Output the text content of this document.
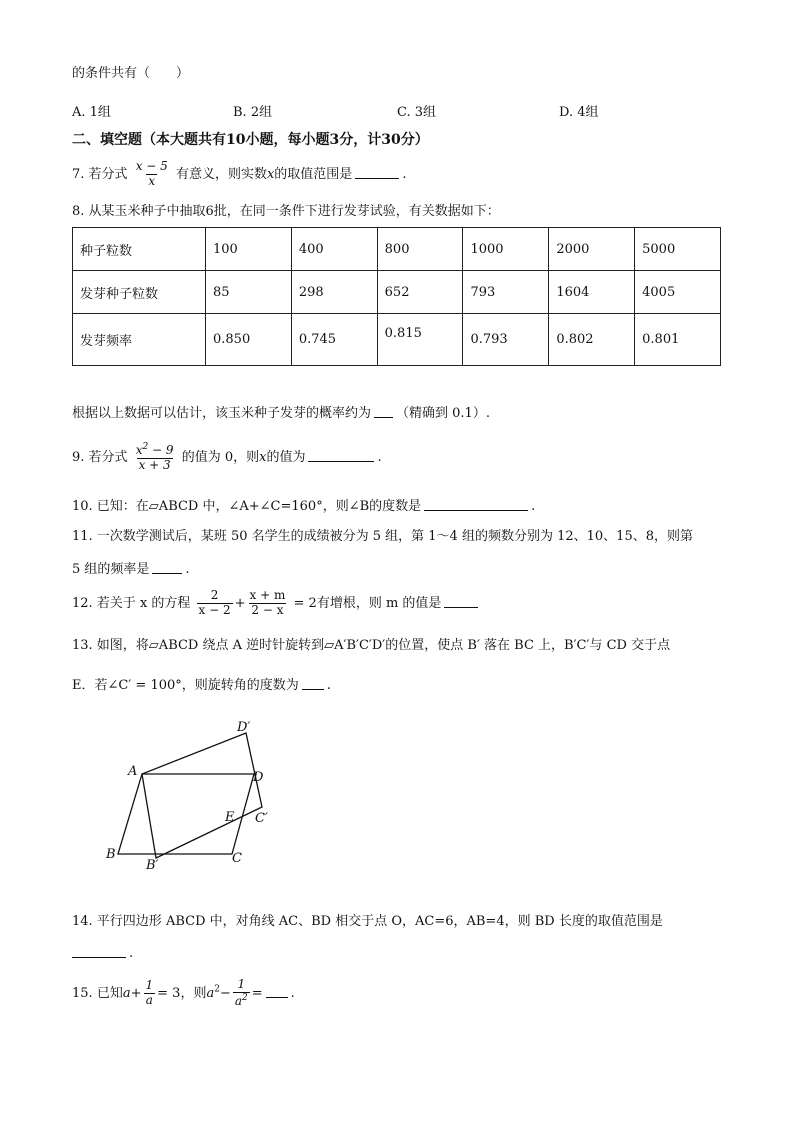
的条件共有（　　）
A. 1组	B. 2组	C. 3组	D. 4组
二、填空题（本大题共有10小题，每小题3分，计30分）
7. 若分式 $\frac{x - 5}{x}$ 有意义，则实数x的取值范围是	.
8. 从某玉米种子中抽取6批，在同一条件下进行发芽试验，有关数据如下：
种子粒数	100	400	800	1000	2000	5000
发芽种子粒数	85	298	652	793	1604	4005
发芽频率	0.850	0.745	0.815	0.793	0.802	0.801
根据以上数据可以估计，该玉米种子发芽的概率约为 （精确到 0.1）.
9. 若分式 $\frac{x^2 - 9}{x + 3}$ 的值为 0，则x的值为	.
10. 已知：在▱ABCD 中，∠A+∠C=160°，则∠B的度数是	.
11. 一次数学测试后，某班 50 名学生的成绩被分为 5 组，第 1～4 组的频数分别为 12、10、15、8，则第
5 组的频率是	.
12. 若关于 x 的方程 $\frac{2}{x - 2} + \frac{x + m}{2 - x} = 2$有增根，则 m 的值是
13. 如图，将▱ABCD 绕点 A 逆时针旋转到▱A′B′C′D′的位置，使点 B′ 落在 BC 上，B′C′与 CD 交于点
E．若∠C′ = 100°，则旋转角的度数为 .
A
B	C
D
B′
C′
D′
E
14. 平行四边形 ABCD 中，对角线 AC、BD 相交于点 O，AC=6，AB=4，则 BD 长度的取值范围是
.
15. 已知$a+ \frac{1}{a} = 3$，则$a^2- \frac{1}{a^2}$ = .
